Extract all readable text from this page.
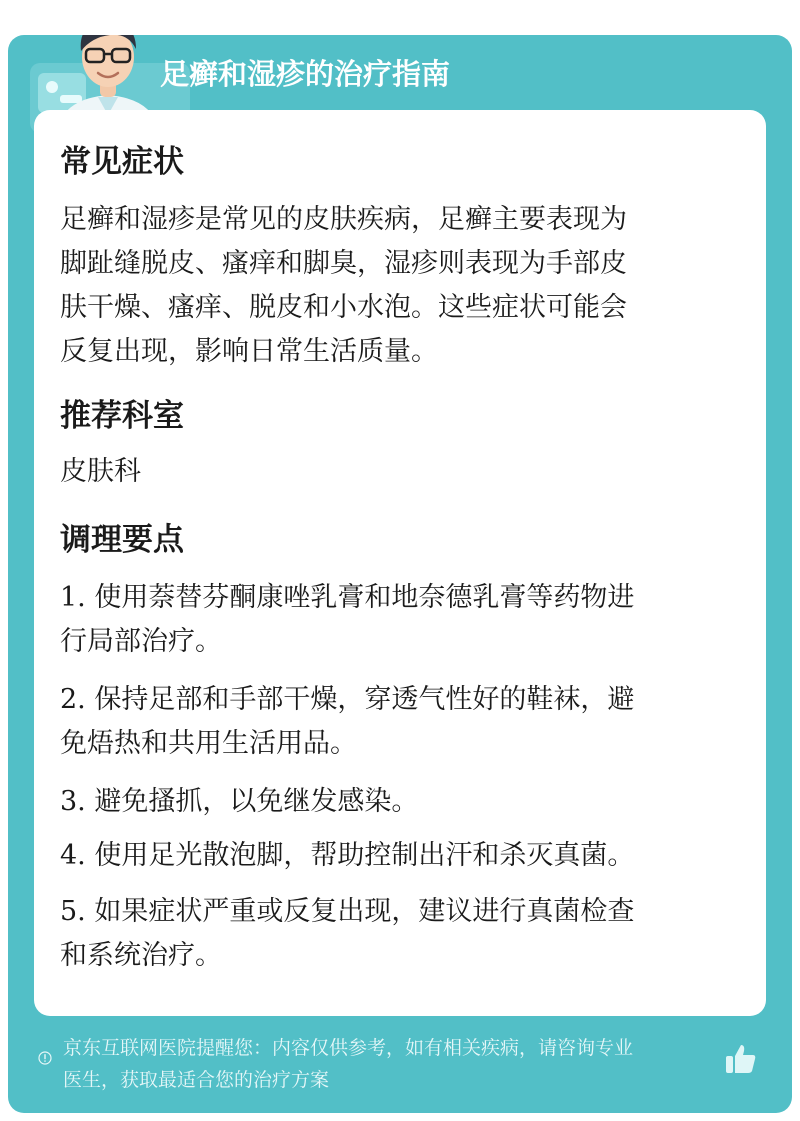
足癣和湿疹的治疗指南
常见症状
足癣和湿疹是常见的皮肤疾病，足癣主要表现为
脚趾缝脱皮、瘙痒和脚臭，湿疹则表现为手部皮
肤干燥、瘙痒、脱皮和小水泡。这些症状可能会
反复出现，影响日常生活质量。
推荐科室
皮肤科
调理要点
1. 使用萘替芬酮康唑乳膏和地奈德乳膏等药物进
行局部治疗。
2. 保持足部和手部干燥，穿透气性好的鞋袜，避
免焐热和共用生活用品。
3. 避免搔抓，以免继发感染。
4. 使用足光散泡脚，帮助控制出汗和杀灭真菌。
5. 如果症状严重或反复出现，建议进行真菌检查
和系统治疗。
京东互联网医院提醒您：内容仅供参考，如有相关疾病，请咨询专业
医生，获取最适合您的治疗方案
